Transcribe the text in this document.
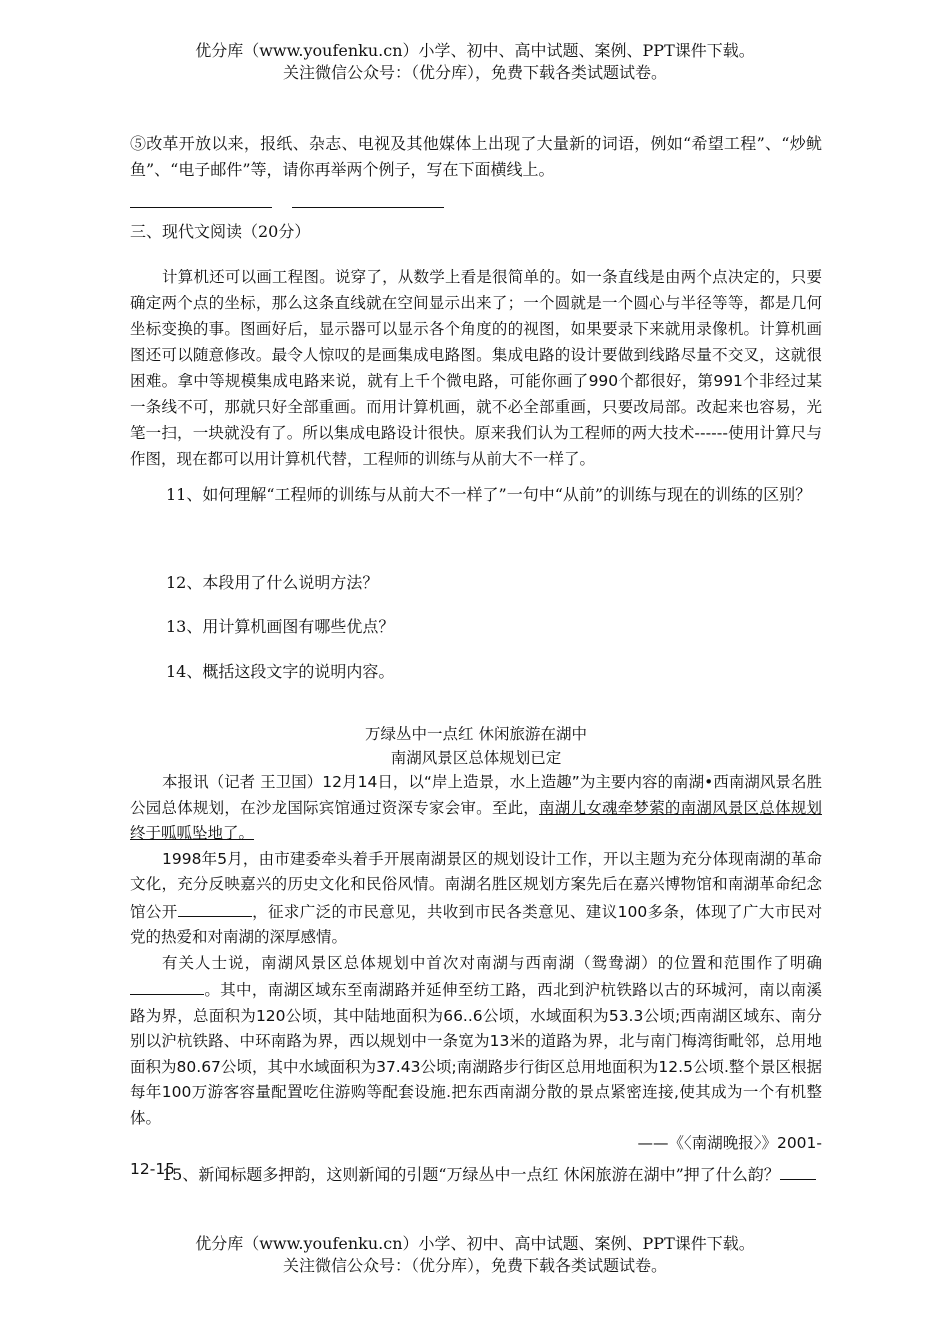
优分库（www.youfenku.cn）小学、初中、高中试题、案例、PPT课件下载。
关注微信公众号：（优分库），免费下载各类试题试卷。

⑤改革开放以来，报纸、杂志、电视及其他媒体上出现了大量新的词语，例如“希望工程”、“炒鱿鱼”、“电子邮件”等，请你再举两个例子，写在下面横线上。

三、现代文阅读（20分）

计算机还可以画工程图。说穿了，从数学上看是很简单的。如一条直线是由两个点决定的，只要确定两个点的坐标，那么这条直线就在空间显示出来了；一个圆就是一个圆心与半径等等，都是几何坐标变换的事。图画好后，显示器可以显示各个角度的的视图，如果要录下来就用录像机。计算机画图还可以随意修改。最令人惊叹的是画集成电路图。集成电路的设计要做到线路尽量不交叉，这就很困难。拿中等规模集成电路来说，就有上千个微电路，可能你画了990个都很好，第991个非经过某一条线不可，那就只好全部重画。而用计算机画，就不必全部重画，只要改局部。改起来也容易，光笔一扫，一块就没有了。所以集成电路设计很快。原来我们认为工程师的两大技术------使用计算尺与作图，现在都可以用计算机代替，工程师的训练与从前大不一样了。

11、如何理解“工程师的训练与从前大不一样了”一句中“从前”的训练与现在的训练的区别？

12、本段用了什么说明方法？

13、用计算机画图有哪些优点？

14、概括这段文字的说明内容。

万绿丛中一点红 休闲旅游在湖中

南湖风景区总体规划已定

本报讯（记者 王卫国）12月14日，以“岸上造景，水上造趣”为主要内容的南湖•西南湖风景名胜公园总体规划，在沙龙国际宾馆通过资深专家会审。至此，南湖儿女魂牵梦萦的南湖风景区总体规划终于呱呱坠地了。

1998年5月，由市建委牵头着手开展南湖景区的规划设计工作，开以主题为充分体现南湖的革命文化，充分反映嘉兴的历史文化和民俗风情。南湖名胜区规划方案先后在嘉兴博物馆和南湖革命纪念馆公开	，征求广泛的市民意见，共收到市民各类意见、建议100多条，体现了广大市民对党的热爱和对南湖的深厚感情。

有关人士说，南湖风景区总体规划中首次对南湖与西南湖（鸳鸯湖）的位置和范围作了明确。其中，南湖区域东至南湖路并延伸至纺工路，西北到沪杭铁路以古的环城河，南以南溪路为界，总面积为120公顷，其中陆地面积为66..6公顷，水域面积为53.3公顷;西南湖区域东、南分别以沪杭铁路、中环南路为界，西以规划中一条宽为13米的道路为界，北与南门梅湾街毗邻，总用地面积为80.67公顷，其中水域面积为37.43公顷;南湖路步行街区总用地面积为12.5公顷.整个景区根据每年100万游客容量配置吃住游购等配套设施.把东西南湖分散的景点紧密连接,使其成为一个有机整体。

——《〈南湖晚报〉》2001-

12-15

15、新闻标题多押韵，这则新闻的引题“万绿丛中一点红 休闲旅游在湖中”押了什么韵？

优分库（www.youfenku.cn）小学、初中、高中试题、案例、PPT课件下载。
关注微信公众号：（优分库），免费下载各类试题试卷。
